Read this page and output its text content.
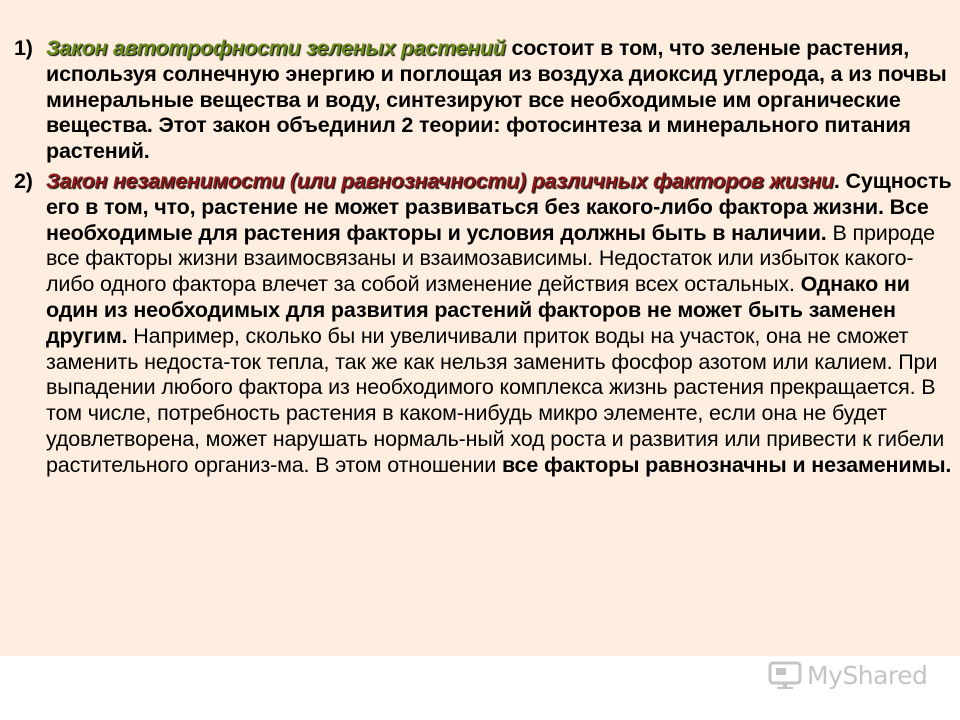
1) Закон автотрофности зеленых растений состоит в том, что зеленые растения, используя солнечную энергию и поглощая из воздуха диоксид углерода, а из почвы минеральные вещества и воду, синтезируют все необходимые им органические вещества. Этот закон объединил 2 теории: фотосинтеза и минерального питания растений.
2) Закон незаменимости (или равнозначности) различных факторов жизни. Сущность его в том, что, растение не может развиваться без какого-либо фактора жизни. Все необходимые для растения факторы и условия должны быть в наличии. В природе все факторы жизни взаимосвязаны и взаимозависимы. Недостаток или избыток какого-либо одного фактора влечет за собой изменение действия всех остальных. Однако ни один из необходимых для развития растений факторов не может быть заменен другим. Например, сколько бы ни увеличивали приток воды на участок, она не сможет заменить недоста-ток тепла, так же как нельзя заменить фосфор азотом или калием. При выпадении любого фактора из необходимого комплекса жизнь растения прекращается. В том числе, потребность растения в каком-нибудь микро элементе, если она не будет удовлетворена, может нарушать нормаль-ный ход роста и развития или привести к гибели растительного организ-ма. В этом отношении все факторы равнозначны и незаменимы.
MyShared
